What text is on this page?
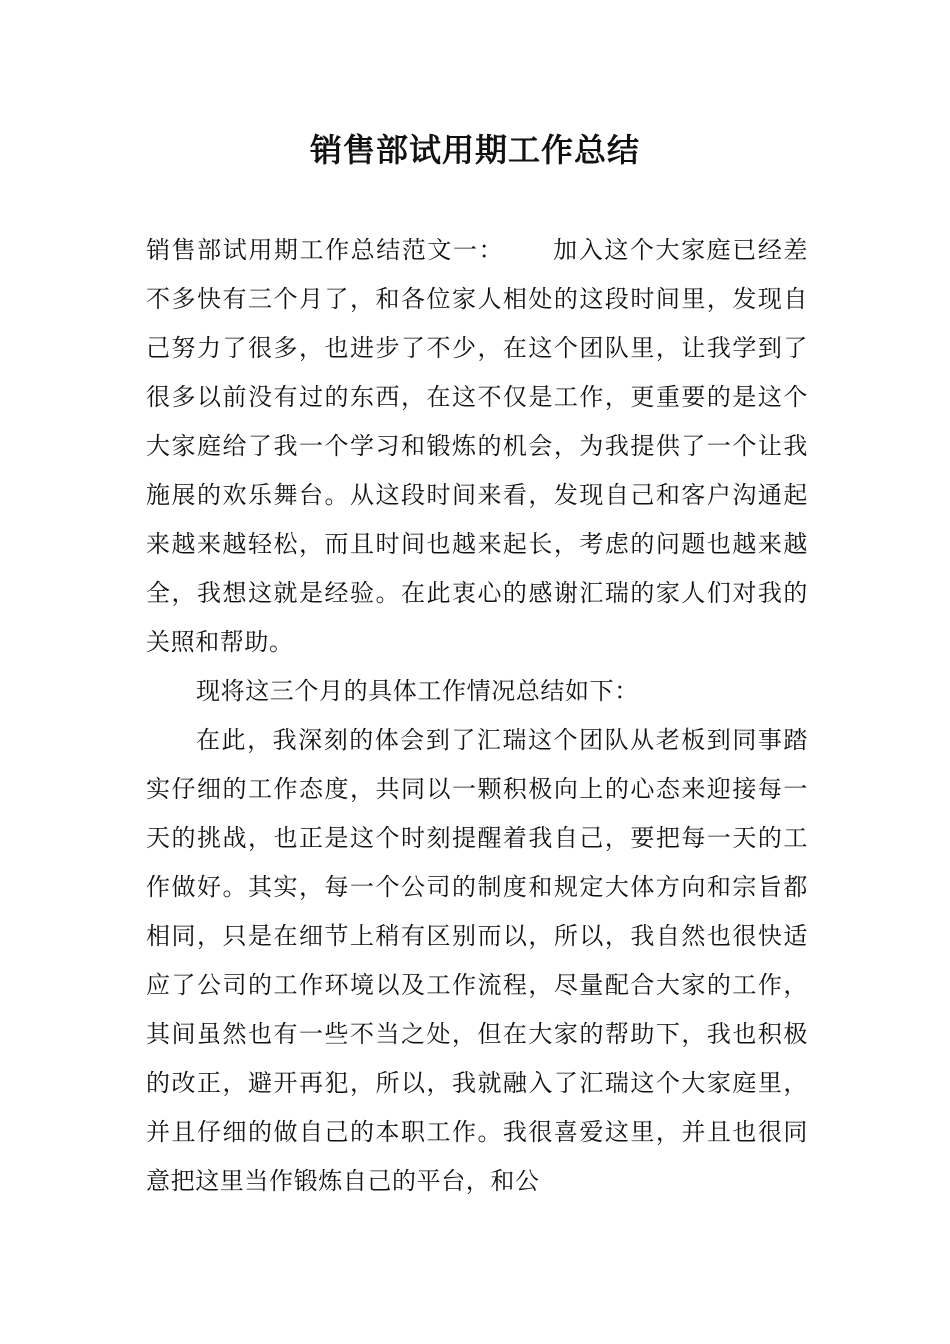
销售部试用期工作总结

销售部试用期工作总结范文一： 加入这个大家庭已经差不多快有三个月了，和各位家人相处的这段时间里，发现自己努力了很多，也进步了不少，在这个团队里，让我学到了很多以前没有过的东西，在这不仅是工作，更重要的是这个大家庭给了我一个学习和锻炼的机会，为我提供了一个让我施展的欢乐舞台。从这段时间来看，发现自己和客户沟通起来越来越轻松，而且时间也越来起长，考虑的问题也越来越全，我想这就是经验。在此衷心的感谢汇瑞的家人们对我的关照和帮助。

现将这三个月的具体工作情况总结如下：

在此，我深刻的体会到了汇瑞这个团队从老板到同事踏实仔细的工作态度，共同以一颗积极向上的心态来迎接每一天的挑战，也正是这个时刻提醒着我自己，要把每一天的工作做好。其实，每一个公司的制度和规定大体方向和宗旨都相同，只是在细节上稍有区别而以，所以，我自然也很快适应了公司的工作环境以及工作流程，尽量配合大家的工作，其间虽然也有一些不当之处，但在大家的帮助下，我也积极的改正，避开再犯，所以，我就融入了汇瑞这个大家庭里，并且仔细的做自己的本职工作。我很喜爱这里，并且也很同意把这里当作锻炼自己的平台，和公
